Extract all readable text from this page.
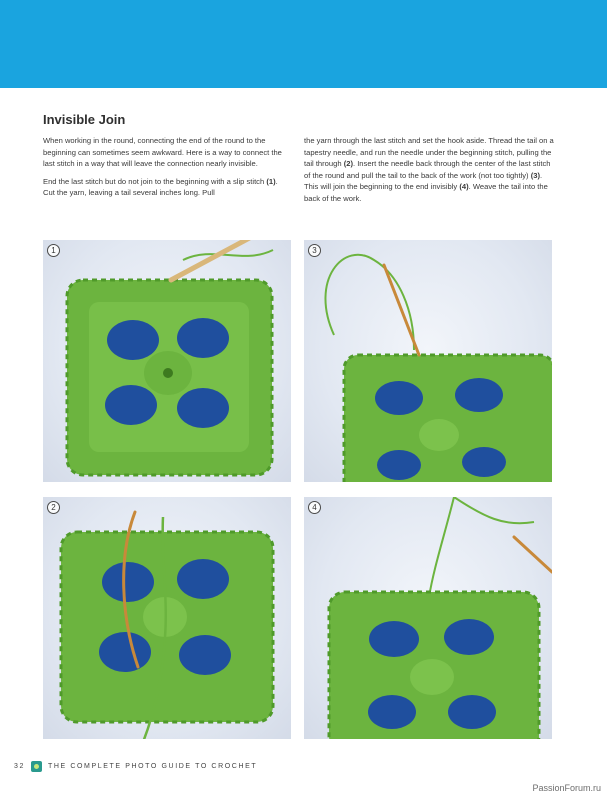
Invisible Join

When working in the round, connecting the end of the round to the beginning can sometimes seem awkward. Here is a way to connect the last stitch in a way that will leave the connection nearly invisible.

End the last stitch but do not join to the beginning with a slip stitch (1). Cut the yarn, leaving a tail several inches long. Pull

the yarn through the last stitch and set the hook aside. Thread the tail on a tapestry needle, and run the needle under the beginning stitch, pulling the tail through (2). Insert the needle back through the center of the last stitch of the round and pull the tail to the back of the work (not too tightly) (3). This will join the beginning to the end invisibly (4). Weave the tail into the back of the work.

1	3
2	4
32	THE COMPLETE PHOTO GUIDE TO CROCHET
PassionForum.ru
